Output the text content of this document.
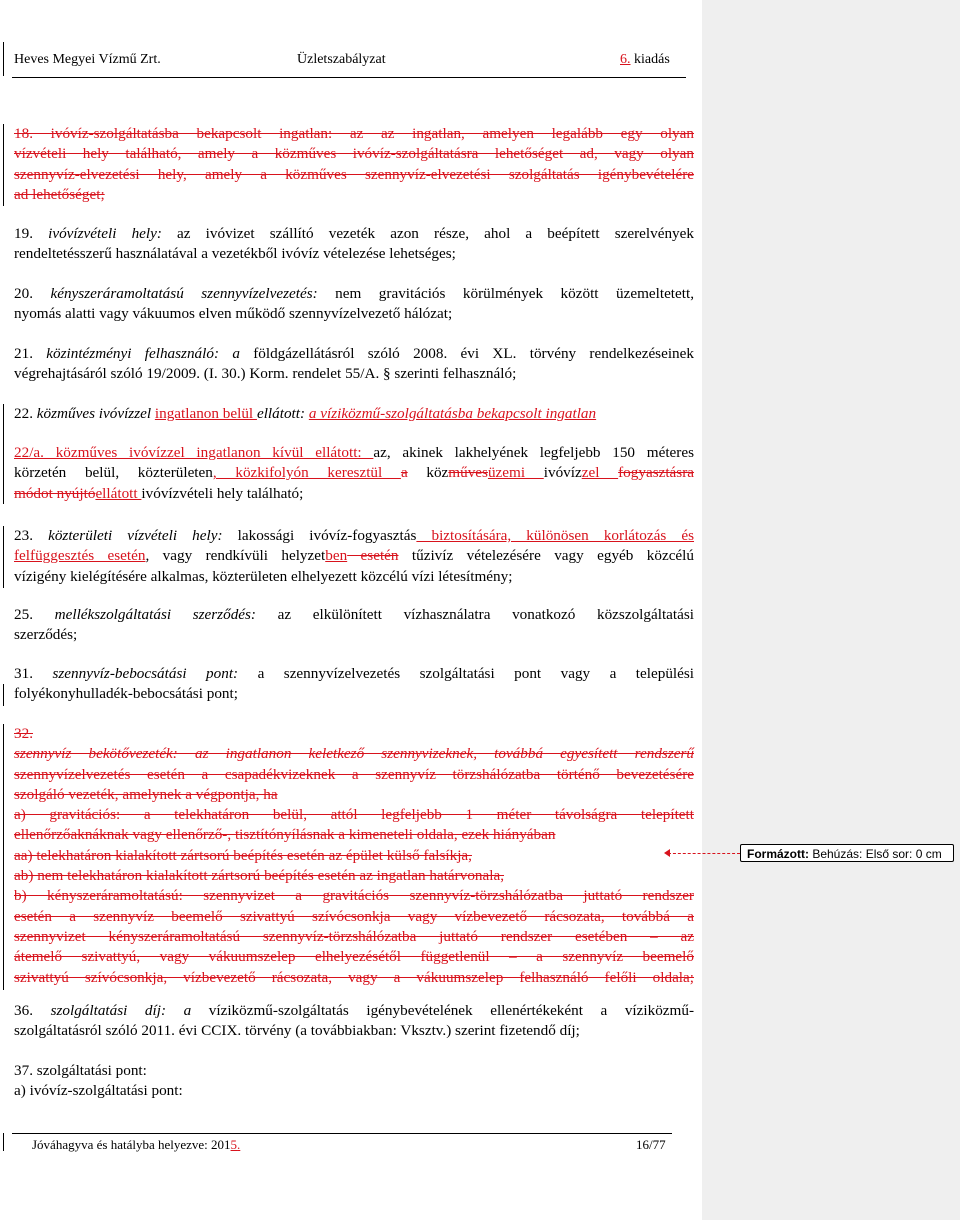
Heves Megyei Vízmű Zrt.	Üzletszabályzat	6. kiadás
18. ivóvíz-szolgáltatásba bekapcsolt ingatlan: az az ingatlan, amelyen legalább egy olyan
vízvételi hely található, amely a közműves ivóvíz-szolgáltatásra lehetőséget ad, vagy olyan
szennyvíz-elvezetési hely, amely a közműves szennyvíz-elvezetési szolgáltatás igénybevételére
ad lehetőséget;
19. ivóvízvételi hely: az ivóvizet szállító vezeték azon része, ahol a beépített szerelvények
rendeltetésszerű használatával a vezetékből ivóvíz vételezése lehetséges;
20. kényszeráramoltatású szennyvízelvezetés: nem gravitációs körülmények között üzemeltetett,
nyomás alatti vagy vákuumos elven működő szennyvízelvezető hálózat;
21. közintézményi felhasználó: a földgázellátásról szóló 2008. évi XL. törvény rendelkezéseinek
végrehajtásáról szóló 19/2009. (I. 30.) Korm. rendelet 55/A. § szerinti felhasználó;
22. közműves ivóvízzel ingatlanon belül ellátott: a víziközmű-szolgáltatásba bekapcsolt ingatlan
22/a. közműves ivóvízzel ingatlanon kívül ellátott: az, akinek lakhelyének legfeljebb 150 méteres
körzetén belül, közterületen, közkifolyón keresztül a közművesüzemi ivóvízzel fogyasztásra
módot nyújtóellátott ivóvízvételi hely található;
23. közterületi vízvételi hely: lakossági ivóvíz-fogyasztás biztosítására, különösen korlátozás és
felfüggesztés esetén, vagy rendkívüli helyzetben esetén tűzivíz vételezésére vagy egyéb közcélú
vízigény kielégítésére alkalmas, közterületen elhelyezett közcélú vízi létesítmény;
25. mellékszolgáltatási szerződés: az elkülönített vízhasználatra vonatkozó közszolgáltatási
szerződés;
31. szennyvíz-bebocsátási pont: a szennyvízelvezetés szolgáltatási pont vagy a települési
folyékonyhulladék-bebocsátási pont;
32.
szennyvíz bekötővezeték: az ingatlanon keletkező szennyvizeknek, továbbá egyesített rendszerű
szennyvízelvezetés esetén a csapadékvizeknek a szennyvíz törzshálózatba történő bevezetésére
szolgáló vezeték, amelynek a végpontja, ha
a) gravitációs: a telekhatáron belül, attól legfeljebb 1 méter távolságra telepített
ellenőrzőaknáknak vagy ellenőrző-, tisztítónyílásnak a kimeneteli oldala, ezek hiányában
aa) telekhatáron kialakított zártsorú beépítés esetén az épület külső falsíkja,
ab) nem telekhatáron kialakított zártsorú beépítés esetén az ingatlan határvonala,
b) kényszeráramoltatású: szennyvizet a gravitációs szennyvíz-törzshálózatba juttató rendszer
esetén a szennyvíz beemelő szivattyú szívócsonkja vagy vízbevezető rácsozata, továbbá a
szennyvizet kényszeráramoltatású szennyvíz-törzshálózatba juttató rendszer esetében – az
átemelő szivattyú, vagy vákuumszelep elhelyezésétől függetlenül – a szennyvíz beemelő
szivattyú szívócsonkja, vízbevezető rácsozata, vagy a vákuumszelep felhasználó felőli oldala;
36. szolgáltatási díj: a víziközmű-szolgáltatás igénybevételének ellenértékeként a víziközmű-
szolgáltatásról szóló 2011. évi CCIX. törvény (a továbbiakban: Vksztv.) szerint fizetendő díj;
37. szolgáltatási pont:
a) ivóvíz-szolgáltatási pont:
Jóváhagyva és hatályba helyezve: 2015.	16/77
Formázott: Behúzás: Első sor: 0 cm
